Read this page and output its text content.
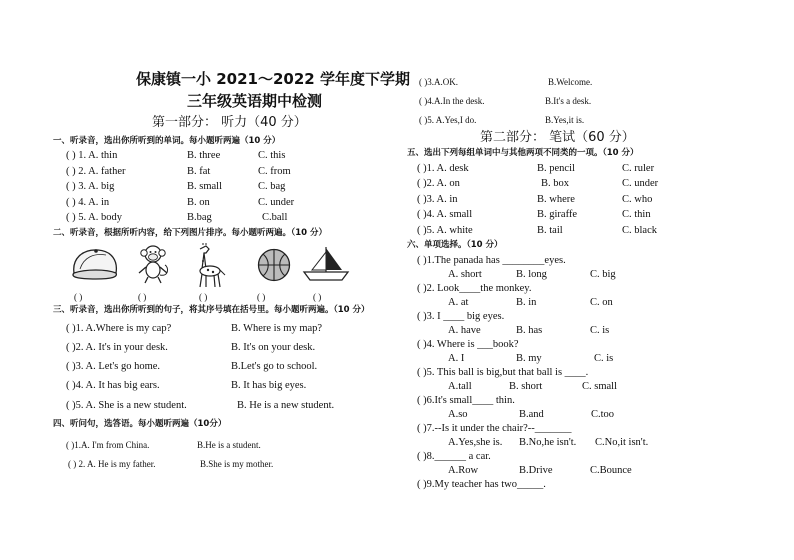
保康镇一小 2021～2022 学年度下学期
三年级英语期中检测
第一部分： 听力（40 分）
一、听录音，选出你所听到的单词。每小题听两遍（10 分）
( ) 1. A. thin	B. three	C. this
( ) 2. A. father	B. fat	C. from
( ) 3. A. big	B. small	C. bag
( ) 4. A. in	B. on	C. under
( ) 5. A. body	B.bag	C.ball
二、听录音，根据所听内容，给下列图片排序。每小题听两遍。（10 分）
( )	( )	( )	( )	( )
三、听录音，选出你所听到的句子，将其序号填在括号里。每小题听两遍。（10 分）
( )1. A.Where is my cap?	B. Where is my map?
( )2. A. It's in your desk.	B. It's on your desk.
( )3. A. Let's go home.	B.Let's go to school.
( )4. A. It has big ears.	B. It has big eyes.
( )5. A. She is a new student.	B. He is a new student.
四、听问句，选答语。每小题听两遍（10分）
( )1.A. I'm from China.	B.He is a student.
( ) 2. A. He is my father.	B.She is my mother.
( )3.A.OK.	B.Welcome.
( )4.A.In the desk.	B.It's a desk.
( )5. A.Yes,I do.	B.Yes,it is.
第二部分： 笔试（60 分）
五、选出下列每组单词中与其他两项不同类的一项。（10 分）
( )1. A. desk	B. pencil	C. ruler
( )2. A. on	B. box	C. under
( )3. A. in	B. where	C. who
( )4. A. small	B. giraffe	C. thin
( )5. A. white	B. tail	C. black
六、单项选择。（10 分）
( )1.The panada has ________eyes.
A. short	B. long	C. big
( )2. Look____the monkey.
A. at	B. in	C. on
( )3. I ____ big eyes.
A. have	B. has	C. is
( )4. Where is ___book?
A. I	B. my	C. is
( )5. This ball is big,but that ball is ____.
A.tall	B. short	C. small
( )6.It's small____ thin.
A.so	B.and	C.too
( )7.--Is it under the chair?--_______
A.Yes,she is. B.No,he isn't. C.No,it isn't.
( )8.______ a car.
A.Row	B.Drive	C.Bounce
( )9.My teacher has two_____.
